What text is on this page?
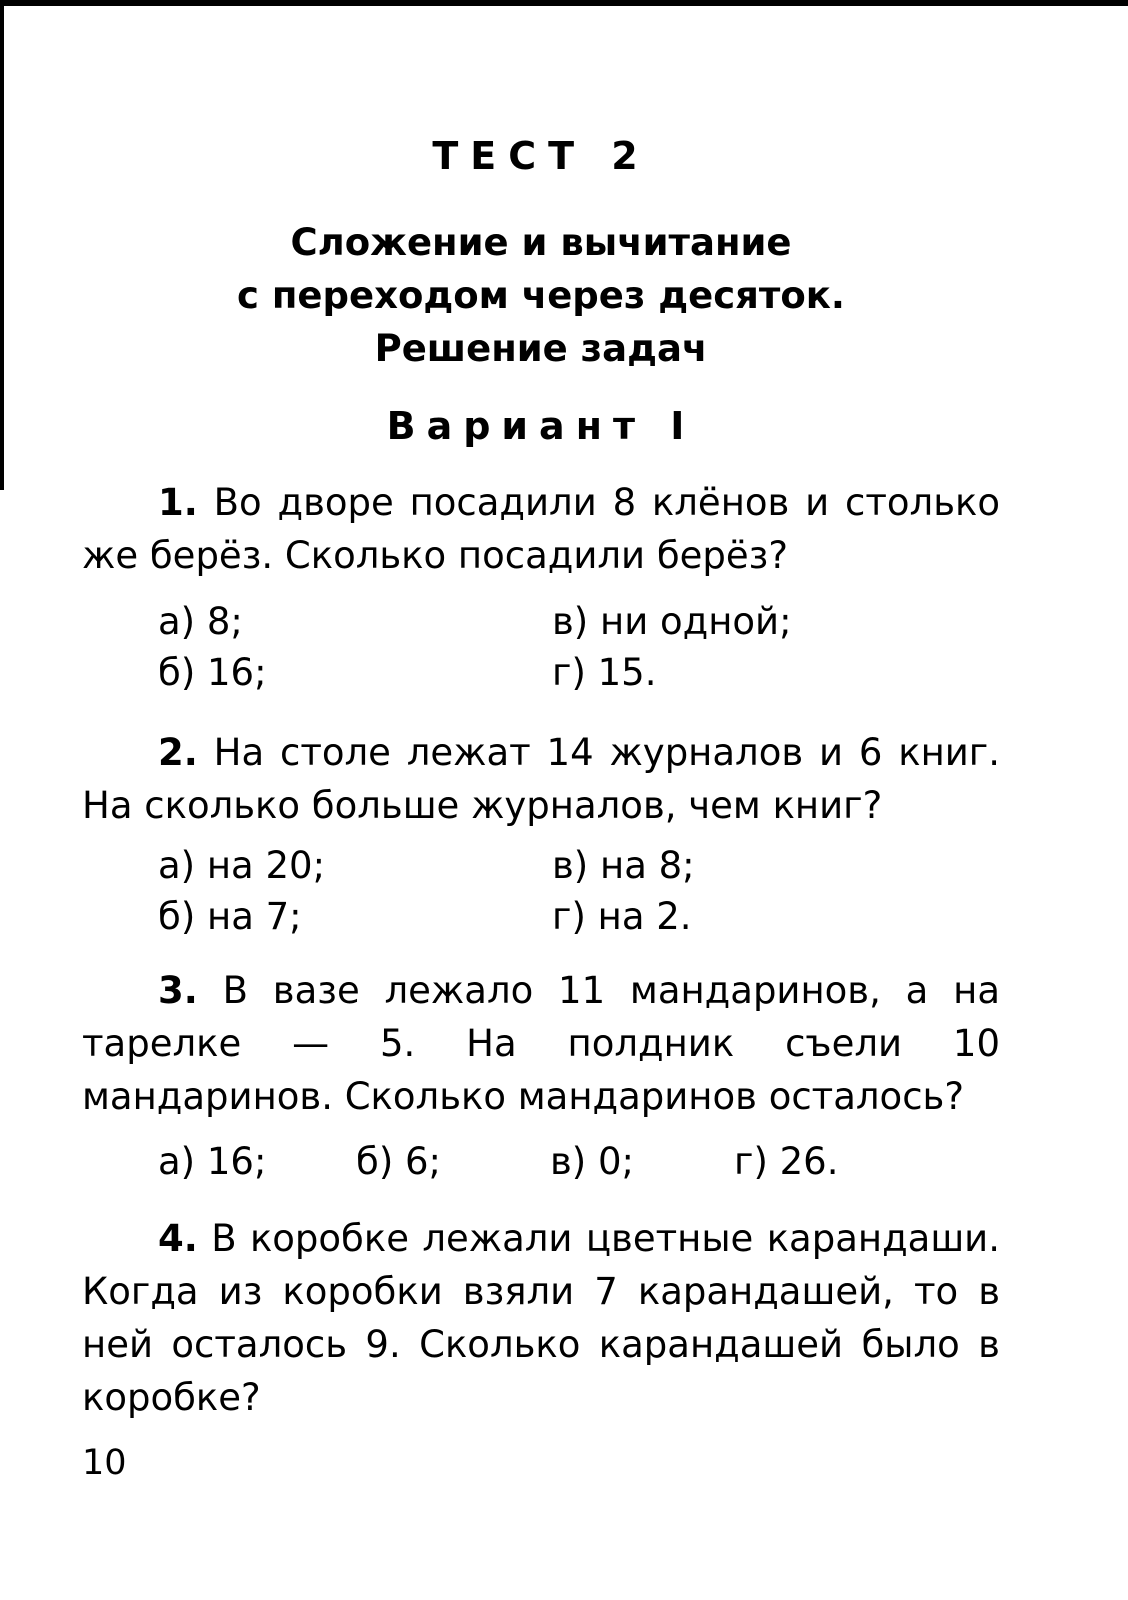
ТЕСТ 2
Сложение и вычитание
с переходом через десяток.
Решение задач
Вариант I
1. Во дворе посадили 8 клёнов и столько же берёз. Сколько посадили берёз?
а) 8;	в) ни одной;
б) 16;	г) 15.
2. На столе лежат 14 журналов и 6 книг. На сколько больше журналов, чем книг?
а) на 20;	в) на 8;
б) на 7;	г) на 2.
3. В вазе лежало 11 мандаринов, а на тарелке — 5. На полдник съели 10 мандаринов. Сколько мандаринов осталось?
а) 16; б) 6;	в) 0;	г) 26.
4. В коробке лежали цветные карандаши. Когда из коробки взяли 7 карандашей, то в ней осталось 9. Сколько карандашей было в коробке?
10
